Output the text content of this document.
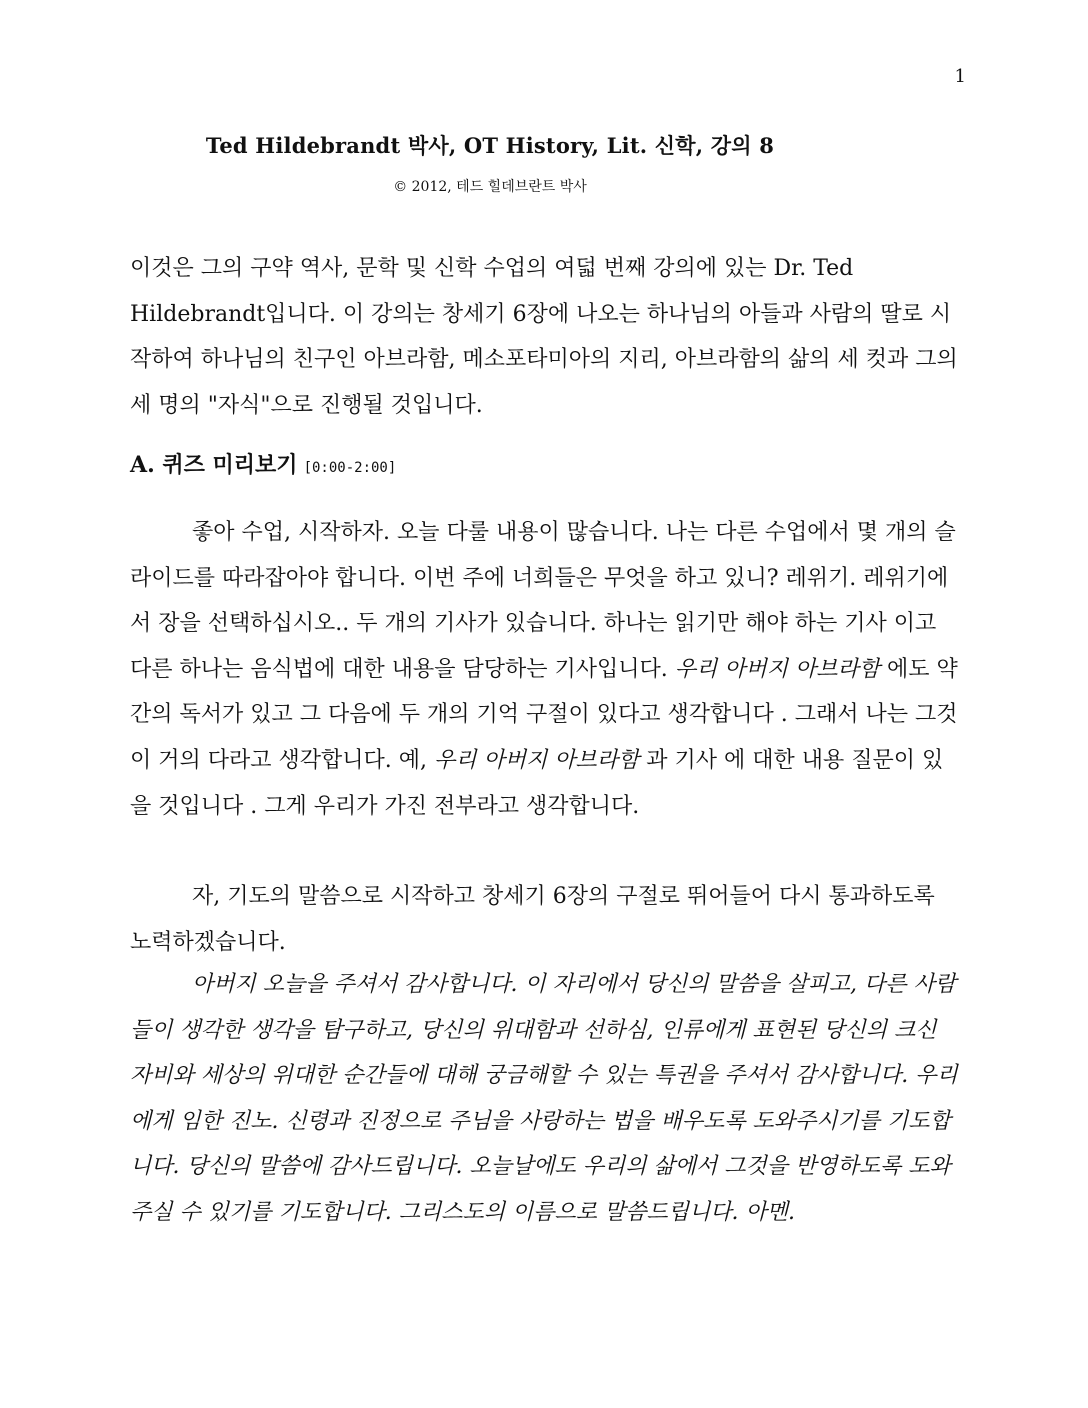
1
Ted Hildebrandt 박사, OT History, Lit. 신학, 강의 8
© 2012, 테드 힐데브란트 박사

이것은 그의 구약 역사, 문학 및 신학 수업의 여덟 번째 강의에 있는 Dr. Ted Hildebrandt입니다. 이 강의는 창세기 6장에 나오는 하나님의 아들과 사람의 딸로 시작하여 하나님의 친구인 아브라함, 메소포타미아의 지리, 아브라함의 삶의 세 컷과 그의 세 명의 "자식"으로 진행될 것입니다.

A. 퀴즈 미리보기 [0:00-2:00]

좋아 수업, 시작하자. 오늘 다룰 내용이 많습니다. 나는 다른 수업에서 몇 개의 슬라이드를 따라잡아야 합니다. 이번 주에 너희들은 무엇을 하고 있니? 레위기. 레위기에서 장을 선택하십시오.. 두 개의 기사가 있습니다. 하나는 읽기만 해야 하는 기사 이고 다른 하나는 음식법에 대한 내용을 담당하는 기사입니다. 우리 아버지 아브라함 에도 약간의 독서가 있고 그 다음에 두 개의 기억 구절이 있다고 생각합니다 . 그래서 나는 그것이 거의 다라고 생각합니다. 예, 우리 아버지 아브라함 과 기사 에 대한 내용 질문이 있을 것입니다 . 그게 우리가 가진 전부라고 생각합니다.

자, 기도의 말씀으로 시작하고 창세기 6장의 구절로 뛰어들어 다시 통과하도록 노력하겠습니다.

아버지 오늘을 주셔서 감사합니다. 이 자리에서 당신의 말씀을 살피고, 다른 사람들이 생각한 생각을 탐구하고, 당신의 위대함과 선하심, 인류에게 표현된 당신의 크신 자비와 세상의 위대한 순간들에 대해 궁금해할 수 있는 특권을 주셔서 감사합니다. 우리에게 임한 진노. 신령과 진정으로 주님을 사랑하는 법을 배우도록 도와주시기를 기도합니다. 당신의 말씀에 감사드립니다. 오늘날에도 우리의 삶에서 그것을 반영하도록 도와주실 수 있기를 기도합니다. 그리스도의 이름으로 말씀드립니다. 아멘.
